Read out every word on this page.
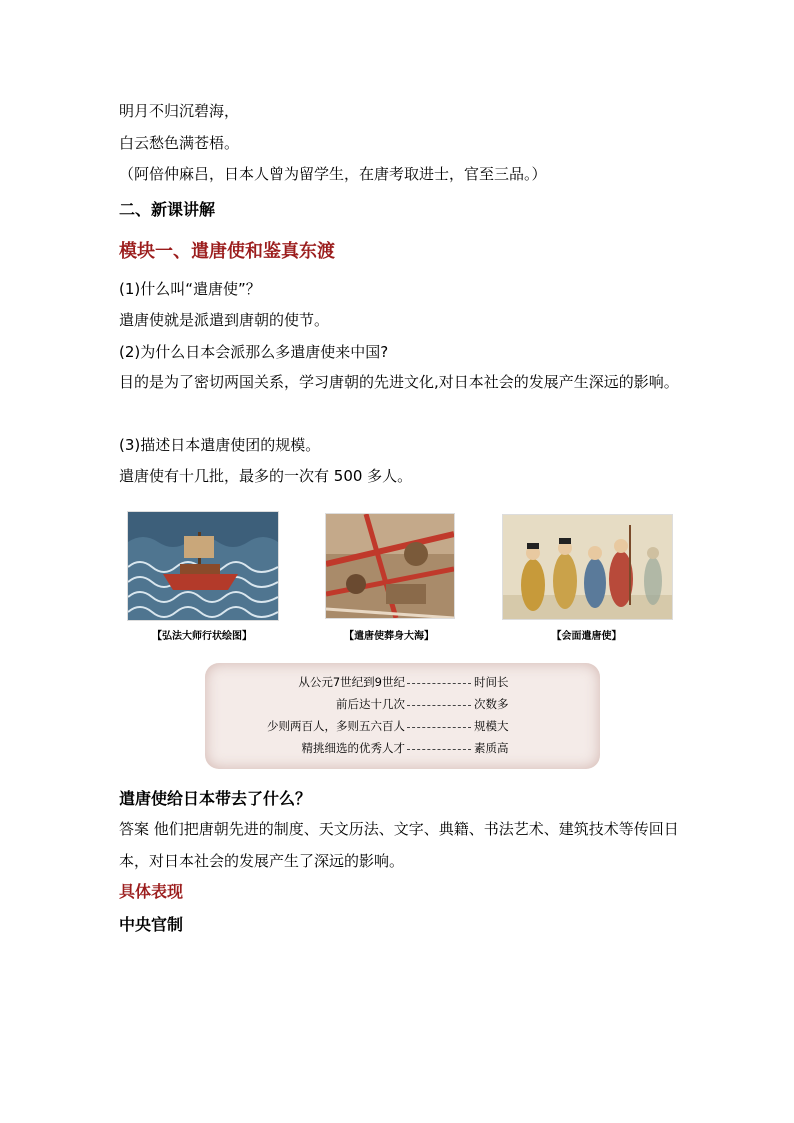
明月不归沉碧海，
白云愁色满苍梧。
（阿倍仲麻吕，日本人曾为留学生，在唐考取进士，官至三品。）
二、新课讲解
模块一、遣唐使和鉴真东渡
(1)什么叫“遣唐使”？
遣唐使就是派遣到唐朝的使节。
(2)为什么日本会派那么多遣唐使来中国?
目的是为了密切两国关系，学习唐朝的先进文化,对日本社会的发展产生深远的影响。
(3)描述日本遣唐使团的规模。
遣唐使有十几批，最多的一次有 500 多人。
【弘法大师行状绘图】	【遣唐使葬身大海】	【会面遣唐使】
从公元7世纪到9世纪	时间长
前后达十几次	次数多
少则两百人，多则五六百人	规模大
精挑细选的优秀人才	素质高
遣唐使给日本带去了什么？
答案 他们把唐朝先进的制度、天文历法、文字、典籍、书法艺术、建筑技术等传回日本，对日本社会的发展产生了深远的影响。
具体表现
中央官制
